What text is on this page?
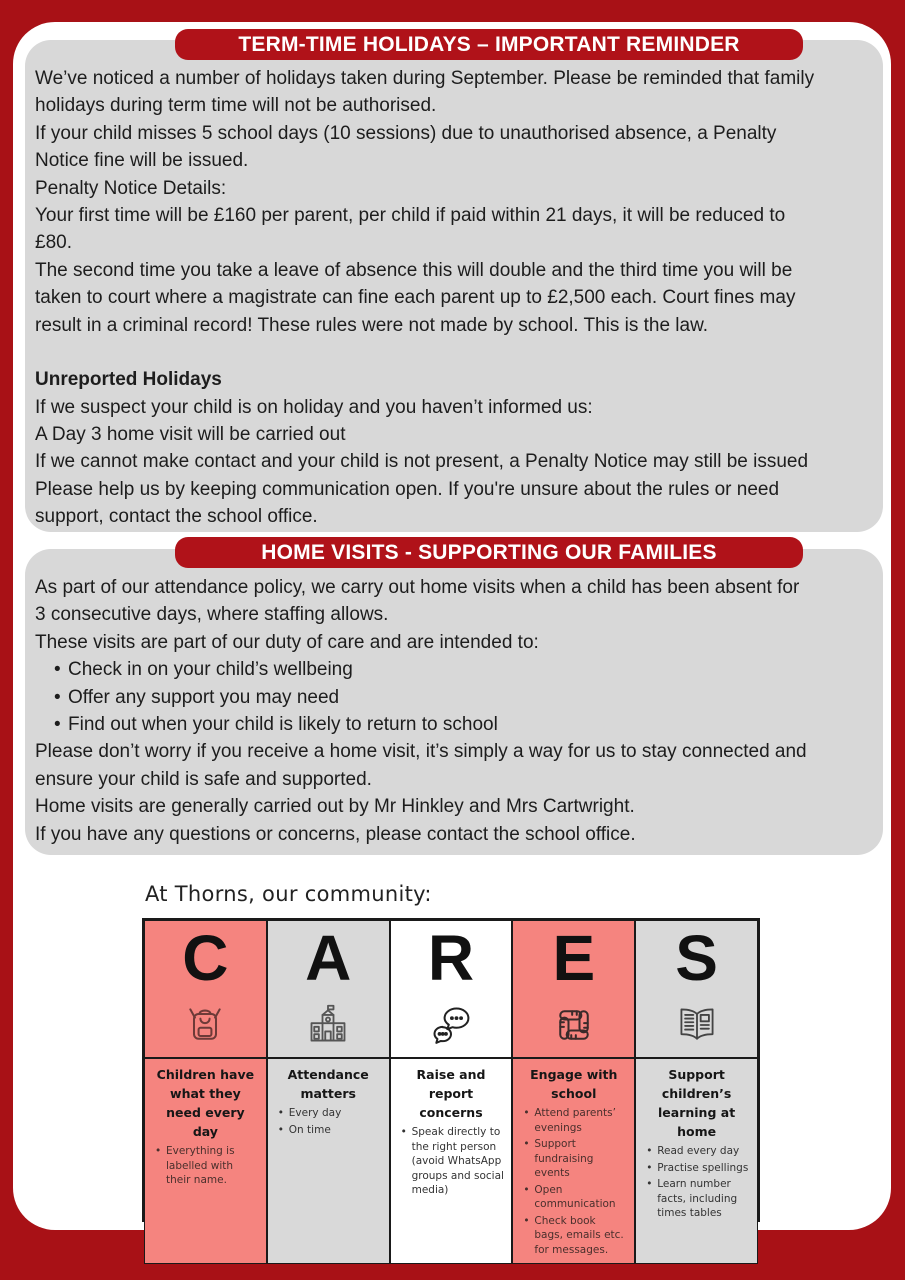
TERM-TIME HOLIDAYS – IMPORTANT REMINDER
We’ve noticed a number of holidays taken during September. Please be reminded that family
holidays during term time will not be authorised.
If your child misses 5 school days (10 sessions) due to unauthorised absence, a Penalty
Notice fine will be issued.
Penalty Notice Details:
Your first time will be £160 per parent, per child if paid within 21 days, it will be reduced to
£80.
The second time you take a leave of absence this will double and the third time you will be
taken to court where a magistrate can fine each parent up to £2,500 each. Court fines may
result in a criminal record! These rules were not made by school. This is the law.
Unreported Holidays
If we suspect your child is on holiday and you haven’t informed us:
A Day 3 home visit will be carried out
If we cannot make contact and your child is not present, a Penalty Notice may still be issued
Please help us by keeping communication open. If you're unsure about the rules or need
support, contact the school office.
HOME VISITS - SUPPORTING OUR FAMILIES
As part of our attendance policy, we carry out home visits when a child has been absent for
3 consecutive days, where staffing allows.
These visits are part of our duty of care and are intended to:
• Check in on your child’s wellbeing
• Offer any support you may need
• Find out when your child is likely to return to school
Please don’t worry if you receive a home visit, it’s simply a way for us to stay connected and
ensure your child is safe and supported.
Home visits are generally carried out by Mr Hinkley and Mrs Cartwright.
If you have any questions or concerns, please contact the school office.
At Thorns, our community:
C
Children have what they need every day
• Everything is labelled with their name.
A
Attendance matters
• Every day
• On time
R
Raise and report concerns
• Speak directly to the right person (avoid WhatsApp groups and social media)
E
Engage with school
• Attend parents’ evenings
• Support fundraising events
• Open communication
• Check book bags, emails etc. for messages.
S
Support children’s learning at home
• Read every day
• Practise spellings
• Learn number facts, including times tables
